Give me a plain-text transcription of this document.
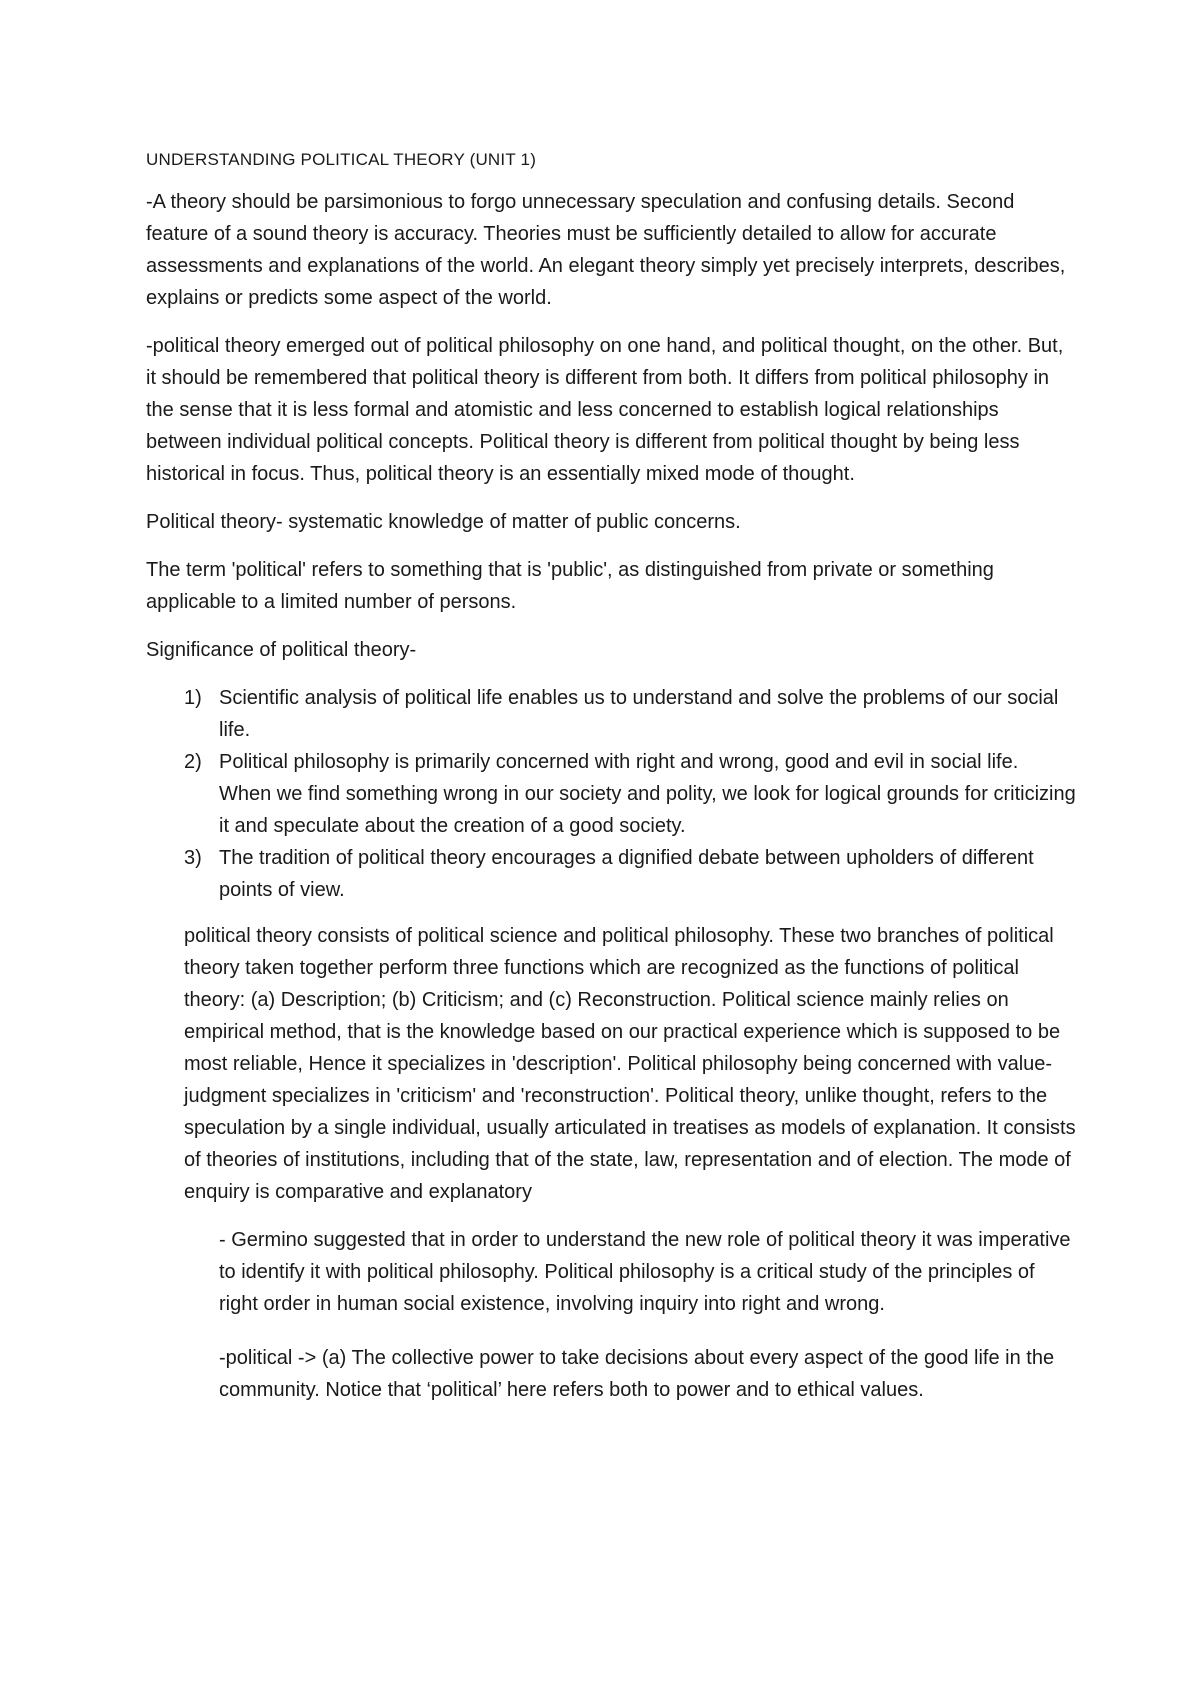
UNDERSTANDING POLITICAL THEORY (UNIT 1)

-A theory should be parsimonious to forgo unnecessary speculation and confusing details. Second feature of a sound theory is accuracy. Theories must be sufficiently detailed to allow for accurate assessments and explanations of the world. An elegant theory simply yet precisely interprets, describes, explains or predicts some aspect of the world.

-political theory emerged out of political philosophy on one hand, and political thought, on the other. But, it should be remembered that political theory is different from both. It differs from political philosophy in the sense that it is less formal and atomistic and less concerned to establish logical relationships between individual political concepts. Political theory is different from political thought by being less historical in focus. Thus, political theory is an essentially mixed mode of thought.

Political theory- systematic knowledge of matter of public concerns.

The term 'political' refers to something that is 'public', as distinguished from private or something applicable to a limited number of persons.

Significance of political theory-

1) Scientific analysis of political life enables us to understand and solve the problems of our social life.
2) Political philosophy is primarily concerned with right and wrong, good and evil in social life. When we find something wrong in our society and polity, we look for logical grounds for criticizing it and speculate about the creation of a good society.
3) The tradition of political theory encourages a dignified debate between upholders of different points of view.

political theory consists of political science and political philosophy. These two branches of political theory taken together perform three functions which are recognized as the functions of political theory: (a) Description; (b) Criticism; and (c) Reconstruction. Political science mainly relies on empirical method, that is the knowledge based on our practical experience which is supposed to be most reliable, Hence it specializes in 'description'. Political philosophy being concerned with value-judgment specializes in 'criticism' and 'reconstruction'. Political theory, unlike thought, refers to the speculation by a single individual, usually articulated in treatises as models of explanation. It consists of theories of institutions, including that of the state, law, representation and of election. The mode of enquiry is comparative and explanatory

- Germino suggested that in order to understand the new role of political theory it was imperative to identify it with political philosophy. Political philosophy is a critical study of the principles of right order in human social existence, involving inquiry into right and wrong.

-political -> (a) The collective power to take decisions about every aspect of the good life in the community. Notice that ‘political’ here refers both to power and to ethical values.
